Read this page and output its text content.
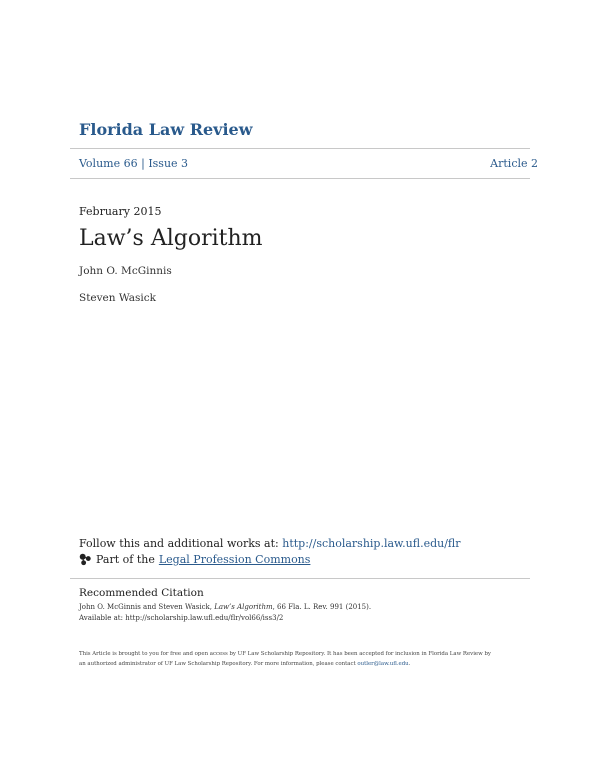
Florida Law Review
Volume 66 | Issue 3	Article 2
February 2015
Law’s Algorithm
John O. McGinnis
Steven Wasick
Follow this and additional works at: http://scholarship.law.ufl.edu/flr
Part of the Legal Profession Commons
Recommended Citation
John O. McGinnis and Steven Wasick, Law’s Algorithm, 66 Fla. L. Rev. 991 (2015).
Available at: http://scholarship.law.ufl.edu/flr/vol66/iss3/2
This Article is brought to you for free and open access by UF Law Scholarship Repository. It has been accepted for inclusion in Florida Law Review by
an authorized administrator of UF Law Scholarship Repository. For more information, please contact outler@law.ufl.edu.
